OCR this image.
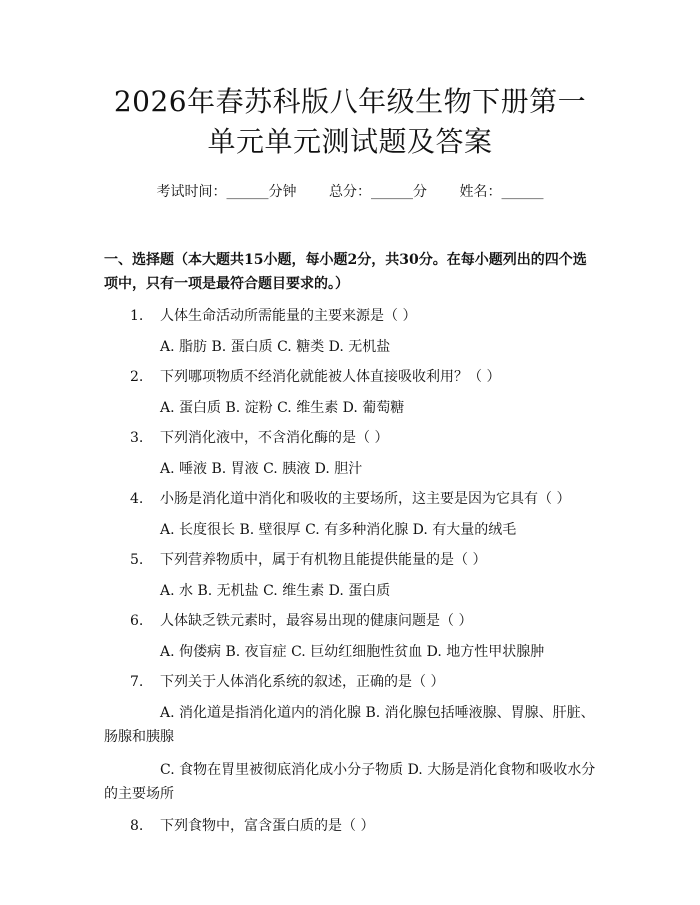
2026年春苏科版八年级生物下册第一单元单元测试题及答案
考试时间：______分钟 总分：______分 姓名：______
一、选择题（本大题共15小题，每小题2分，共30分。在每小题列出的四个选项中，只有一项是最符合题目要求的。）
1.	人体生命活动所需能量的主要来源是（ ）
A. 脂肪 B. 蛋白质 C. 糖类 D. 无机盐
2.	下列哪项物质不经消化就能被人体直接吸收利用？（ ）
A. 蛋白质 B. 淀粉 C. 维生素 D. 葡萄糖
3.	下列消化液中，不含消化酶的是（ ）
A. 唾液 B. 胃液 C. 胰液 D. 胆汁
4.	小肠是消化道中消化和吸收的主要场所，这主要是因为它具有（ ）
A. 长度很长 B. 壁很厚 C. 有多种消化腺 D. 有大量的绒毛
5.	下列营养物质中，属于有机物且能提供能量的是（ ）
A. 水 B. 无机盐 C. 维生素 D. 蛋白质
6.	人体缺乏铁元素时，最容易出现的健康问题是（ ）
A. 佝偻病 B. 夜盲症 C. 巨幼红细胞性贫血 D. 地方性甲状腺肿
7.	下列关于人体消化系统的叙述，正确的是（ ）
A. 消化道是指消化道内的消化腺 B. 消化腺包括唾液腺、胃腺、肝脏、肠腺和胰腺
C. 食物在胃里被彻底消化成小分子物质 D. 大肠是消化食物和吸收水分的主要场所
8.	下列食物中，富含蛋白质的是（ ）
